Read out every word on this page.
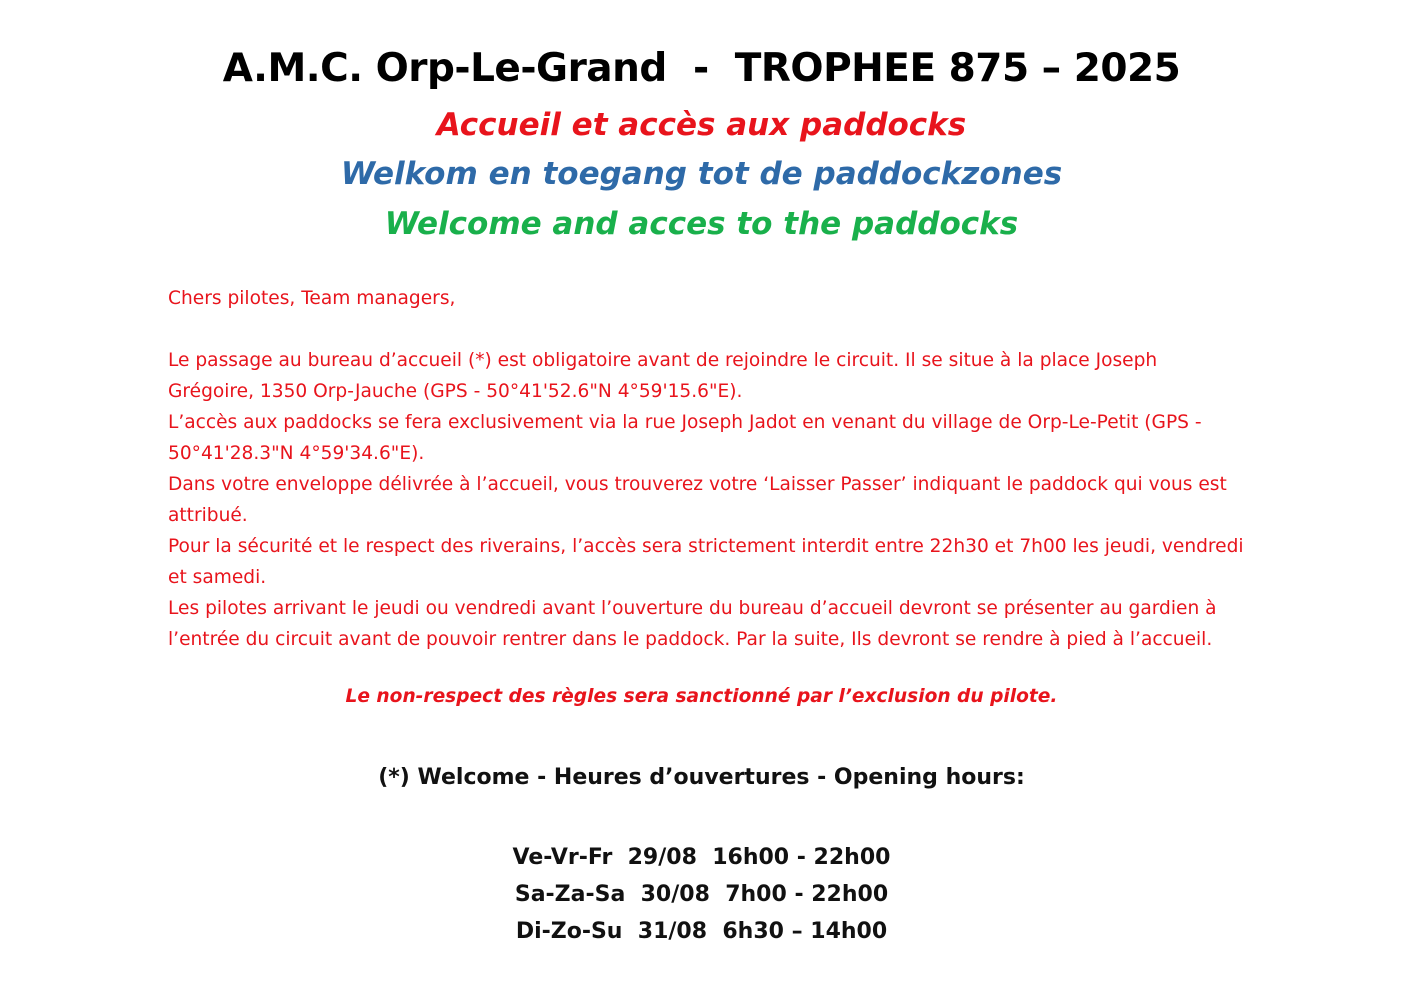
A.M.C. Orp-Le-Grand  -  TROPHEE 875 – 2025
Accueil et accès aux paddocks
Welkom en toegang tot de paddockzones
Welcome and acces to the paddocks
Chers pilotes, Team managers,

Le passage au bureau d’accueil (*) est obligatoire avant de rejoindre le circuit. Il se situe à la place Joseph Grégoire, 1350 Orp-Jauche (GPS - 50°41'52.6"N 4°59'15.6"E).

L’accès aux paddocks se fera exclusivement via la rue Joseph Jadot en venant du village de Orp-Le-Petit (GPS - 50°41'28.3"N 4°59'34.6"E).

Dans votre enveloppe délivrée à l’accueil, vous trouverez votre ‘Laisser Passer’ indiquant le paddock qui vous est attribué.

Pour la sécurité et le respect des riverains, l’accès sera strictement interdit entre 22h30 et 7h00 les jeudi, vendredi et samedi.

Les pilotes arrivant le jeudi ou vendredi avant l’ouverture du bureau d’accueil devront se présenter au gardien à l’entrée du circuit avant de pouvoir rentrer dans le paddock. Par la suite, Ils devront se rendre à pied à l’accueil.

Le non-respect des règles sera sanctionné par l’exclusion du pilote.
(*) Welcome - Heures d’ouvertures - Opening hours:
Ve-Vr-Fr  29/08  16h00 - 22h00
Sa-Za-Sa  30/08  7h00 - 22h00
Di-Zo-Su  31/08  6h30 – 14h00
